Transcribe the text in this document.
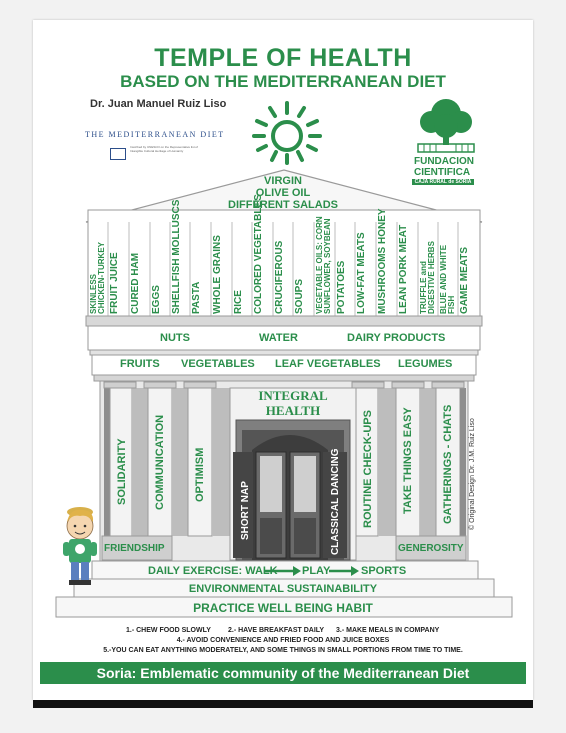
TEMPLE OF HEALTH
BASED ON THE MEDITERRANEAN DIET
Dr. Juan Manuel Ruiz Liso
THE MEDITERRANEAN DIET
Inscribed by UNESCO on the Representative list of Intangible Cultural Heritage of Humanity
FUNDACION
CIENTIFICA
CAJA RURAL de SORIA
VIRGIN
OLIVE OIL
DIFFERENT SALADS
SKINLESS
CHICKEN-TURKEY FRUIT JUICE CURED HAM EGGS SHELLFISH MOLLUSCS PASTA WHOLE GRAINS RICE COLORED VEGETABLES CRUCIFEROUS SOUPS VEGETABLE OILS: CORN
SUNFLOWER, SOYBEAN
POTATOES LOW-FAT MEATS MUSHROOMS HONEY LEAN PORK MEAT TRUFFLE and
DIGESTIVE HERBS
BLUE AND WHITE
FISH GAME MEATS
NUTS	WATER	DAIRY PRODUCTS
FRUITS VEGETABLES LEAF VEGETABLES LEGUMES
INTEGRAL
HEALTH
SOLIDARITY	COMMUNICATION	OPTIMISM
SHORT NAP	CLASSICAL DANCING	ROUTINE CHECK-UPS	TAKE THINGS EASY	GATHERINGS - CHATS	© Original Design Dr. J.M. Ruiz Liso
FRIENDSHIP	GENEROSITY
DAILY EXERCISE: WALK PLAY	SPORTS
ENVIRONMENTAL SUSTAINABILITY
PRACTICE WELL BEING HABIT
1.- CHEW FOOD SLOWLY 2.- HAVE BREAKFAST DAILY 3.- MAKE MEALS IN COMPANY
4.- AVOID CONVENIENCE AND FRIED FOOD AND JUICE BOXES
5.-YOU CAN EAT ANYTHING MODERATELY, AND SOME THINGS IN SMALL PORTIONS FROM TIME TO TIME.
Soria: Emblematic community of the Mediterranean Diet
